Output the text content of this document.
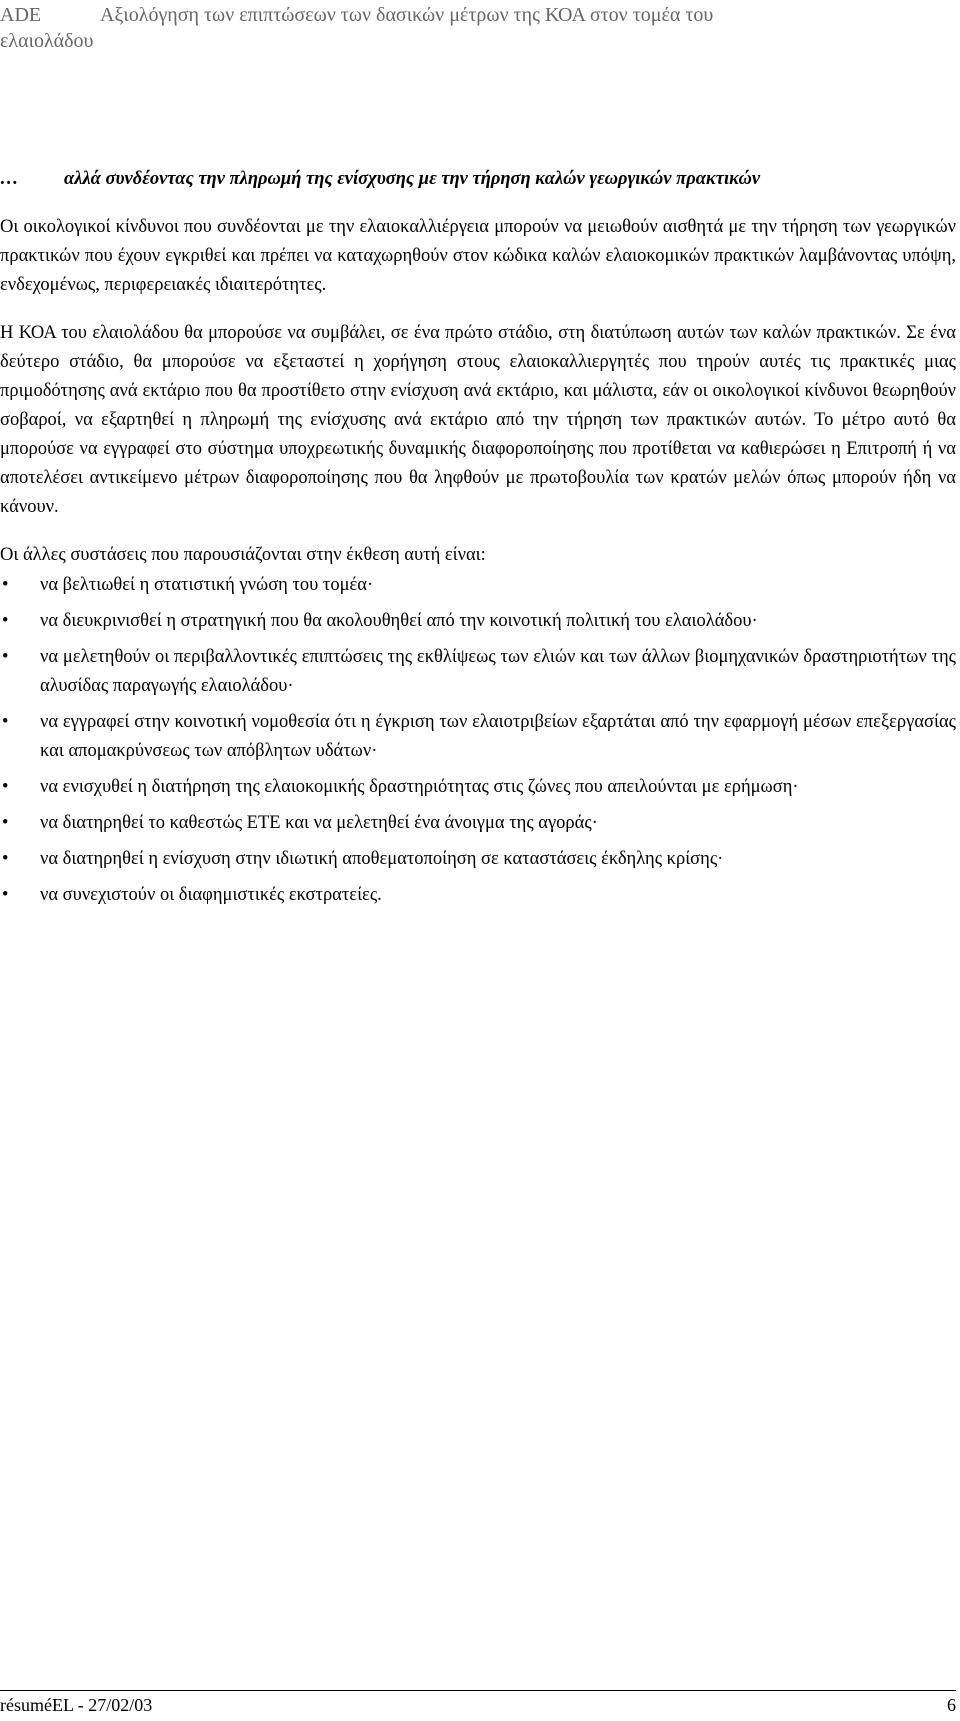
ADE	Αξιολόγηση των επιπτώσεων των δασικών μέτρων της ΚΟΑ στον τομέα του ελαιολάδου
… αλλά συνδέοντας την πληρωμή της ενίσχυσης με την τήρηση καλών γεωργικών πρακτικών

Οι οικολογικοί κίνδυνοι που συνδέονται με την ελαιοκαλλιέργεια μπορούν να μειωθούν αισθητά με την τήρηση των γεωργικών πρακτικών που έχουν εγκριθεί και πρέπει να καταχωρηθούν στον κώδικα καλών ελαιοκομικών πρακτικών λαμβάνοντας υπόψη, ενδεχομένως, περιφερειακές ιδιαιτερότητες.

Η ΚΟΑ του ελαιολάδου θα μπορούσε να συμβάλει, σε ένα πρώτο στάδιο, στη διατύπωση αυτών των καλών πρακτικών. Σε ένα δεύτερο στάδιο, θα μπορούσε να εξεταστεί η χορήγηση στους ελαιοκαλλιεργητές που τηρούν αυτές τις πρακτικές μιας πριμοδότησης ανά εκτάριο που θα προστίθετο στην ενίσχυση ανά εκτάριο, και μάλιστα, εάν οι οικολογικοί κίνδυνοι θεωρηθούν σοβαροί, να εξαρτηθεί η πληρωμή της ενίσχυσης ανά εκτάριο από την τήρηση των πρακτικών αυτών. Το μέτρο αυτό θα μπορούσε να εγγραφεί στο σύστημα υποχρεωτικής δυναμικής διαφοροποίησης που προτίθεται να καθιερώσει η Επιτροπή ή να αποτελέσει αντικείμενο μέτρων διαφοροποίησης που θα ληφθούν με πρωτοβουλία των κρατών μελών όπως μπορούν ήδη να κάνουν.

Οι άλλες συστάσεις που παρουσιάζονται στην έκθεση αυτή είναι:

• να βελτιωθεί η στατιστική γνώση του τομέα·
• να διευκρινισθεί η στρατηγική που θα ακολουθηθεί από την κοινοτική πολιτική του ελαιολάδου·
• να μελετηθούν οι περιβαλλοντικές επιπτώσεις της εκθλίψεως των ελιών και των άλλων βιομηχανικών δραστηριοτήτων της αλυσίδας παραγωγής ελαιολάδου·
• να εγγραφεί στην κοινοτική νομοθεσία ότι η έγκριση των ελαιοτριβείων εξαρτάται από την εφαρμογή μέσων επεξεργασίας και απομακρύνσεως των απόβλητων υδάτων·
• να ενισχυθεί η διατήρηση της ελαιοκομικής δραστηριότητας στις ζώνες που απειλούνται με ερήμωση·
• να διατηρηθεί το καθεστώς ΕΤΕ και να μελετηθεί ένα άνοιγμα της αγοράς·
• να διατηρηθεί η ενίσχυση στην ιδιωτική αποθεματοποίηση σε καταστάσεις έκδηλης κρίσης·
• να συνεχιστούν οι διαφημιστικές εκστρατείες.
résuméEL - 27/02/03	6
